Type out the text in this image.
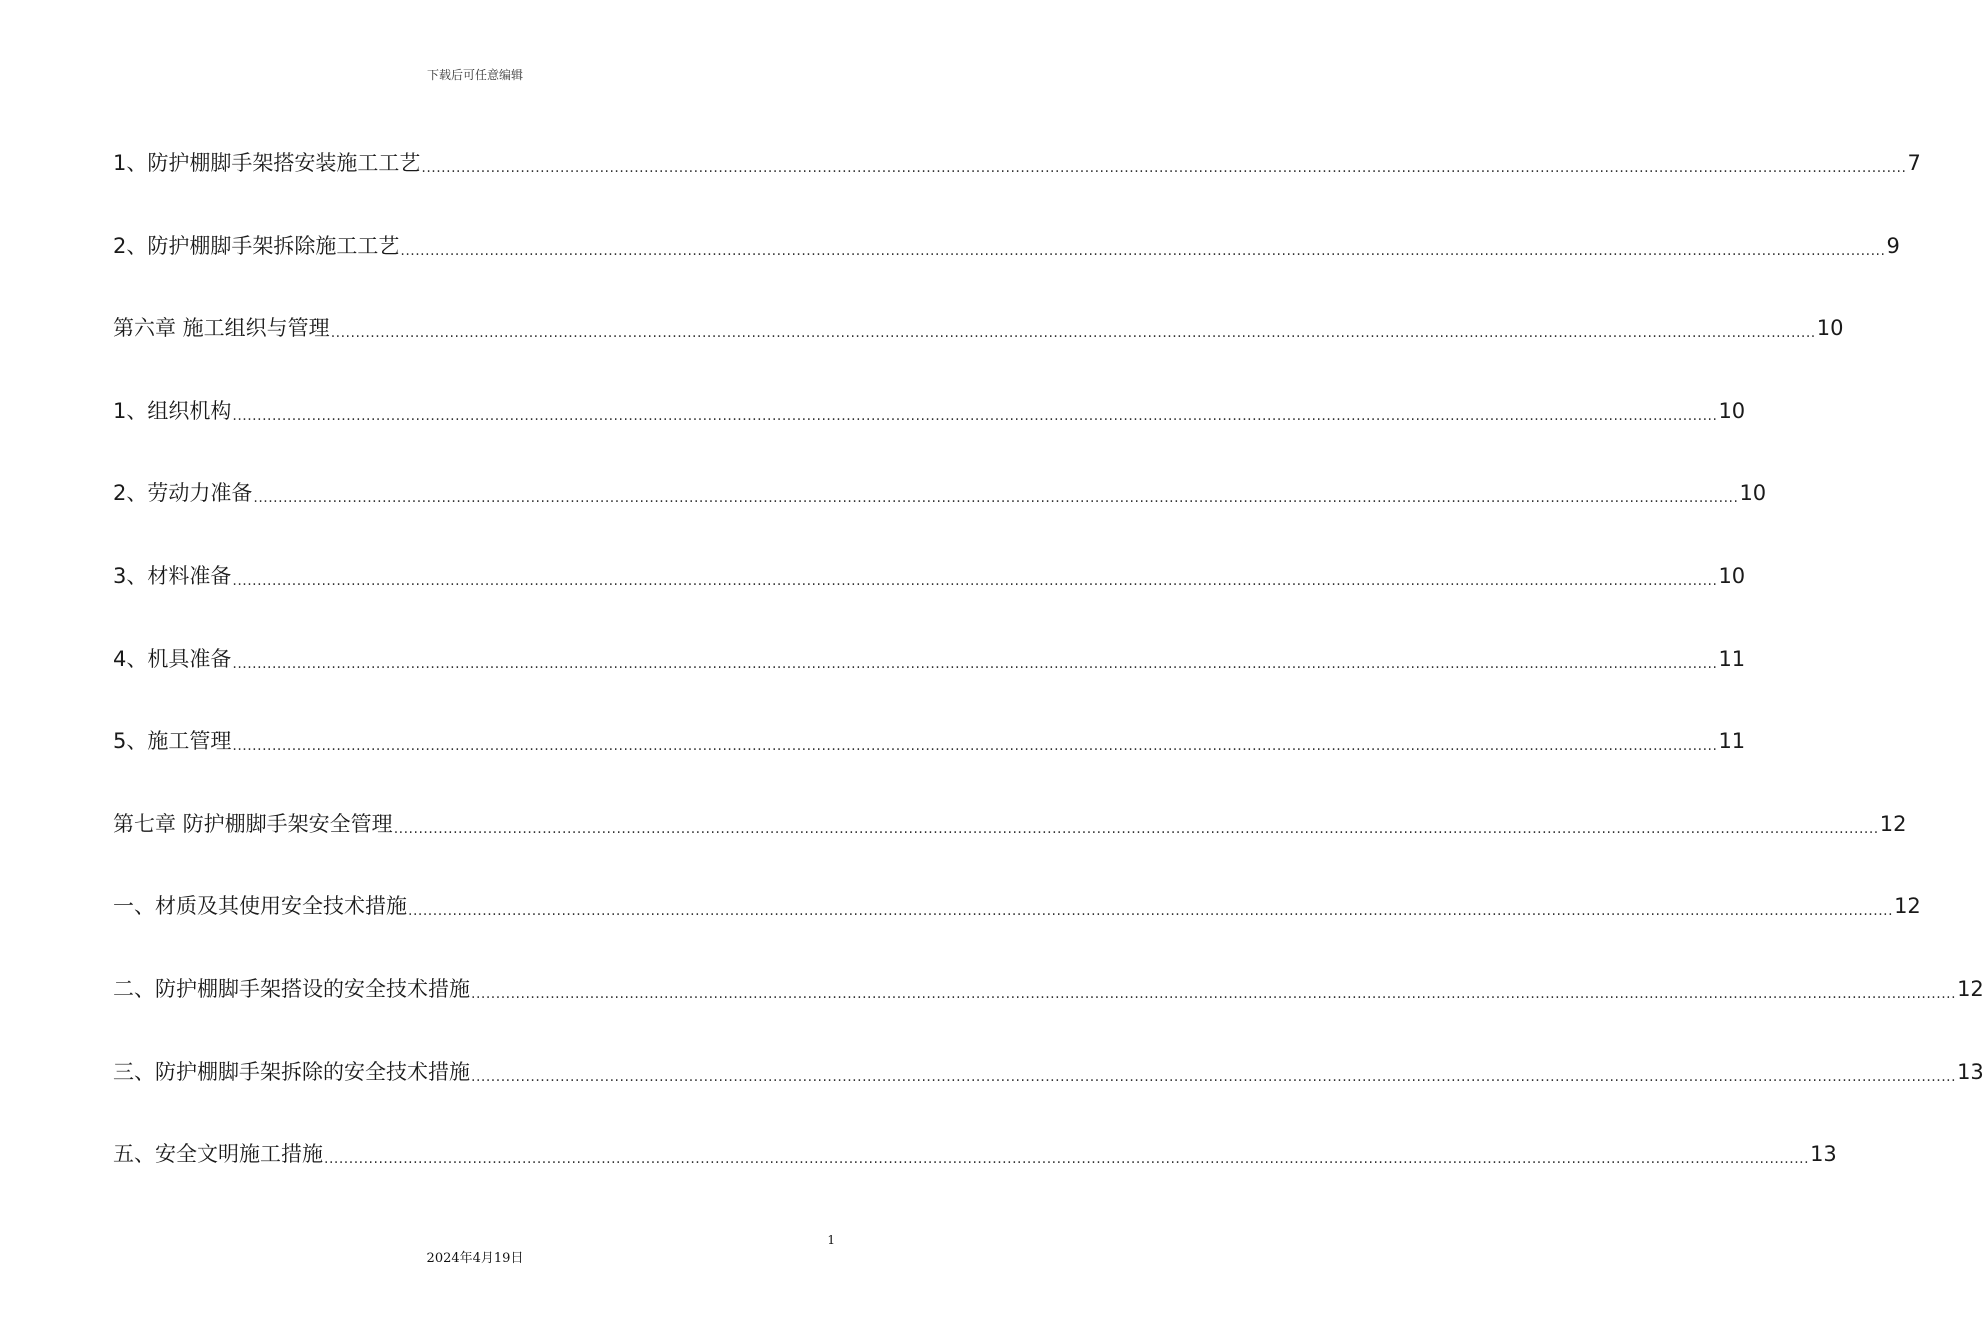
下载后可任意编辑
1、防护棚脚手架搭安装施工工艺 ............................................................................................................................................................................................................................................................................................................ 7
2、防护棚脚手架拆除施工工艺 ............................................................................................................................................................................................................................................................................................................ 9
第六章 施工组织与管理 ............................................................................................................................................................................................................................................................................................................ 10
1、组织机构 ............................................................................................................................................................................................................................................................................................................ 10
2、劳动力准备 ............................................................................................................................................................................................................................................................................................................ 10
3、材料准备 ............................................................................................................................................................................................................................................................................................................ 10
4、机具准备 ............................................................................................................................................................................................................................................................................................................ 11
5、施工管理 ............................................................................................................................................................................................................................................................................................................ 11
第七章 防护棚脚手架安全管理 ............................................................................................................................................................................................................................................................................................................ 12
一、材质及其使用安全技术措施 ............................................................................................................................................................................................................................................................................................................ 12
二、防护棚脚手架搭设的安全技术措施 ............................................................................................................................................................................................................................................................................................................ 12
三、防护棚脚手架拆除的安全技术措施 ............................................................................................................................................................................................................................................................................................................ 13
五、安全文明施工措施 ............................................................................................................................................................................................................................................................................................................ 13
1
2024年4月19日
